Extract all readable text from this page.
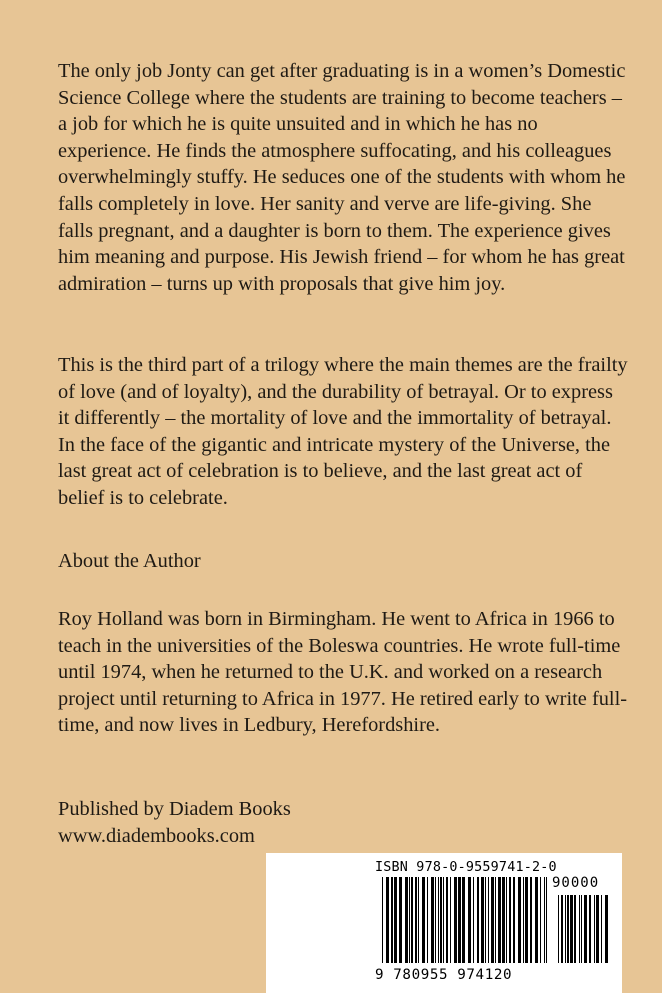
The only job Jonty can get after graduating is in a women’s Domestic Science College where the students are training to become teachers – a job for which he is quite unsuited and in which he has no experience. He finds the atmosphere suffocating, and his colleagues overwhelmingly stuffy. He seduces one of the students with whom he falls completely in love. Her sanity and verve are life-giving. She falls pregnant, and a daughter is born to them. The experience gives him meaning and purpose. His Jewish friend – for whom he has great admiration – turns up with proposals that give him joy.

This is the third part of a trilogy where the main themes are the frailty of love (and of loyalty), and the durability of betrayal. Or to express it differently – the mortality of love and the immortality of betrayal. In the face of the gigantic and intricate mystery of the Universe, the last great act of celebration is to believe, and the last great act of belief is to celebrate.

About the Author

Roy Holland was born in Birmingham. He went to Africa in 1966 to teach in the universities of the Boleswa countries. He wrote full-time until 1974, when he returned to the U.K. and worked on a research project until returning to Africa in 1977. He retired early to write full-time, and now lives in Ledbury, Herefordshire.

Published by Diadem Books
www.diadembooks.com
ISBN 978-0-9559741-2-0
90000
9 780955 974120
